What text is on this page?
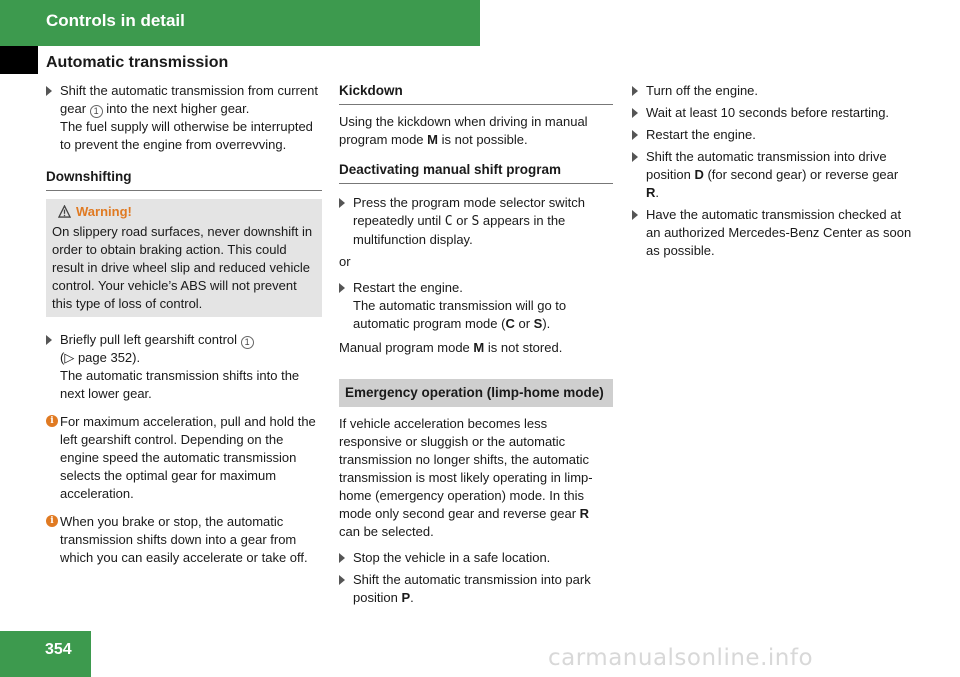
Controls in detail
Automatic transmission

Shift the automatic transmission from current gear 1 into the next higher gear.

The fuel supply will otherwise be interrupted to prevent the engine from overrevving.

Downshifting
Warning!
On slippery road surfaces, never downshift in order to obtain braking action. This could result in drive wheel slip and reduced vehicle control. Your vehicle’s ABS will not prevent this type of loss of control.

Briefly pull left gearshift control 1

(▷ page 352).

The automatic transmission shifts into the next lower gear.

i For maximum acceleration, pull and hold the left gearshift control. Depending on the engine speed the automatic transmission selects the optimal gear for maximum acceleration.
i When you brake or stop, the automatic transmission shifts down into a gear from which you can easily accelerate or take off.
Kickdown
Using the kickdown when driving in manual program mode M is not possible.
Deactivating manual shift program

Press the program mode selector switch repeatedly until C or S appears in the multifunction display.

or

Restart the engine.

The automatic transmission will go to automatic program mode (C or S).

Manual program mode M is not stored.
Emergency operation (limp-home mode)
If vehicle acceleration becomes less responsive or sluggish or the automatic transmission no longer shifts, the automatic transmission is most likely operating in limp-home (emergency operation) mode. In this mode only second gear and reverse gear R can be selected.

Stop the vehicle in a safe location.

Shift the automatic transmission into park position P.

Turn off the engine.

Wait at least 10 seconds before restarting.

Restart the engine.

Shift the automatic transmission into drive position D (for second gear) or reverse gear R.

Have the automatic transmission checked at an authorized Mercedes-Benz Center as soon as possible.

354	carmanualsonline.info
